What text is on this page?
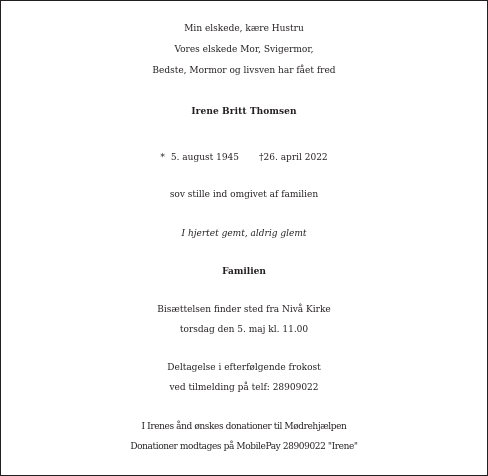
Min elskede, kære Hustru
Vores elskede Mor, Svigermor,
Bedste, Mormor og livsven har fået fred
Irene Britt Thomsen
* 5. august 1945 †26. april 2022
sov stille ind omgivet af familien
I hjertet gemt, aldrig glemt
Familien
Bisættelsen finder sted fra Nivå Kirke
torsdag den 5. maj kl. 11.00
Deltagelse i efterfølgende frokost
ved tilmelding på telf: 28909022
I Irenes ånd ønskes donationer til Mødrehjælpen
Donationer modtages på MobilePay 28909022 "Irene"
